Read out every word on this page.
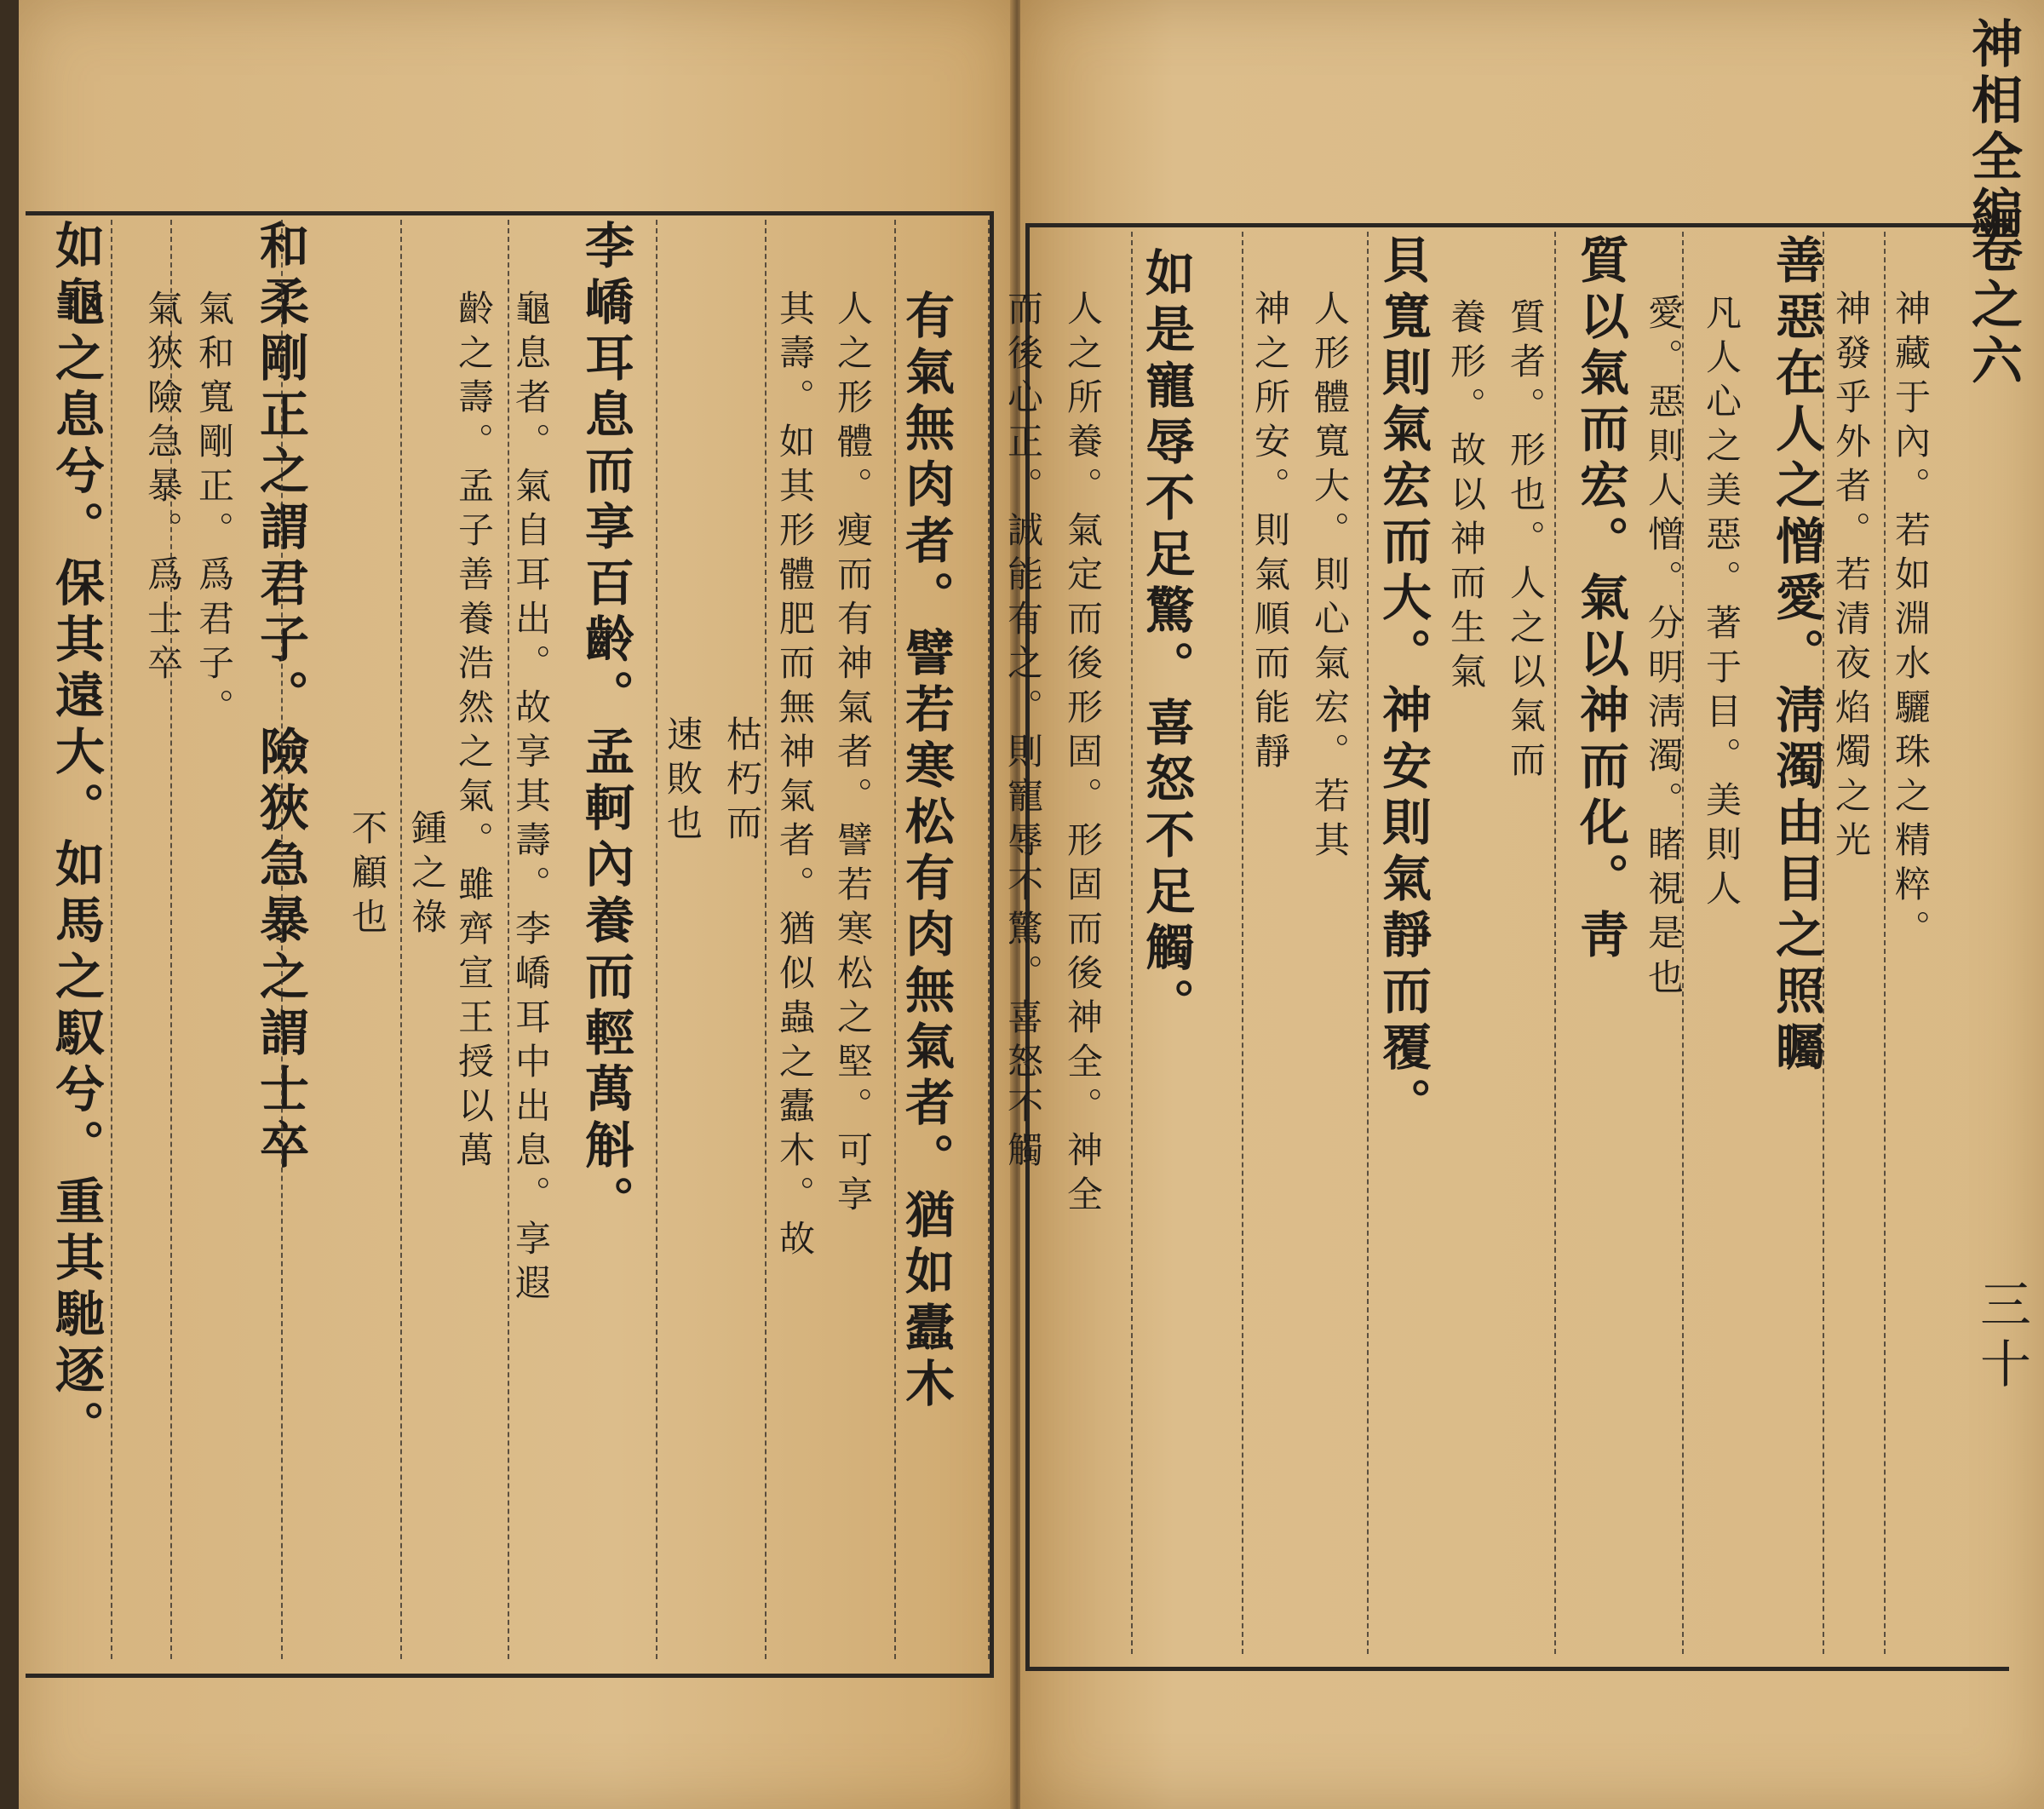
神相全編
卷之六
三十
神藏于內。若如淵水驪珠之精粹。
神發乎外者。若清夜焰燭之光
善惡在人之憎愛。淸濁由目之照矚
凡人心之美惡。著于目。美則人
愛。惡則人憎。分明淸濁。睹視是也
質以氣而宏。氣以神而化。靑
質者。形也。人之以氣而
養形。故以神而生氣
貝寬則氣宏而大。神安則氣靜而覆。
人形體寬大。則心氣宏。若其
神之所安。則氣順而能靜
如是寵辱不足驚。喜怒不足觸。
人之所養。氣定而後形固。形固而後神全。神全
而後心正。誠能有之。則寵辱不驚。喜怒不觸
有氣無肉者。譬若寒松有肉無氣者。猶如蠹木
人之形體。瘦而有神氣者。譬若寒松之堅。可享
其壽。如其形體肥而無神氣者。猶似蟲之蠹木。故
枯朽而
速敗也
李嶠耳息而享百齡。孟軻內養而輕萬斛。
龜息者。氣自耳出。故享其壽。李嶠耳中出息。享遐
齡之壽。孟子善養浩然之氣。雖齊宣王授以萬
鍾之祿
不顧也
和柔剛正之謂君子。險狹急暴之謂士卒
氣和寬剛正。爲君子。
氣狹險急暴。爲士卒
如龜之息兮。保其遠大。如馬之馭兮。重其馳逐。
